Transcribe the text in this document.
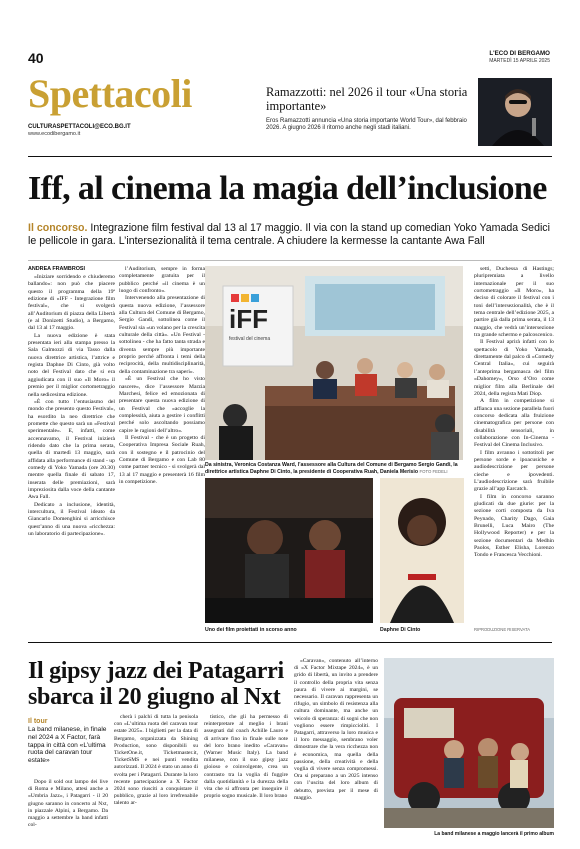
40	L'ECO DI BERGAMO
MARTEDÌ 15 APRILE 2025
Spettacoli
CULTURASPETTACOLI@ECO.BG.IT
www.ecodibergamo.it
Ramazzotti: nel 2026 il tour «Una storia importante»
Eros Ramazzotti annuncia «Una storia importante World Tour», dal febbraio 2026. A giugno 2026 il ritorno anche negli stadi italiani.
Iff, al cinema la magia dell’inclusione
Il concorso. Integrazione film festival dal 13 al 17 maggio. Il via con la stand up comedian Yoko Yamada Sedici le pellicole in gara. L’intersezionalità il tema centrale. A chiudere la kermesse la cantante Awa Fall
ANDREA FRAMBROSI

«Iniziare sorridendo e chiuderemo ballando»: non può che piacere questo il programma della 19ª edizione di «IFF - Integrazione film festival», che si svolgerà all’Auditorium di piazza della Libertà (e al Donizetti Studio), a Bergamo, dal 13 al 17 maggio.

La nuova edizione è stata presentata ieri alla stampa presso la Sala Galmozzi di via Tasso dalla nuova direttrice artistica, l’attrice e regista Daphne Di Cinto, già volto noto del Festival dato che si era aggiudicata con il suo «Il Moro» il premio per il miglior cortometraggio nella sedicesima edizione.

«È con tutto l’entusiasmo del mondo che presento questo Festival», ha esordito la neo direttrice che promette che questo sarà un «Festival sperimentale». E, infatti, come accennavamo, il Festival inizierà ridendo dato che la prima serata, quella di martedì 13 maggio, sarà affidata alla performance di stand - up comedy di Yoko Yamada (ore 20.30) mentre quella finale di sabato 17, inserata delle premiazioni, sarà impreziosita dalla voce della cantante Awa Fall.

Dedicato a inclusione, identità, intercultura, il Festival ideato da Giancarlo Domenghini si arricchisce quest’anno di una nuova «ricchezza: un laboratorio di partecipazione».

l’Auditorium, sempre in forma completamente gratuita per il pubblico perché «il cinema è un luogo di confronto».

Intervenendo alla presentazione di questa nuova edizione, l’assessore alla Cultura del Comune di Bergamo, Sergio Gandi, sottolinea come il Festival sia «un volano per la crescita culturale della città». «Un Festival - sottolinea - che ha fatto tanta strada e diventa sempre più importante proprio perché affronta i temi della reciprocità, della multidisciplinarità, della contaminazione tra saperi».

«È un Festival che ho visto nascere», dice l’assessore Marzia Marchesi, felice ed emozionata di presentare questa nuova edizione di un Festival che «accoglie la complessità, aiuta a gestire i conflitti perché solo ascoltando possiamo capire le ragioni dell’altro».

Il Festival - che è un progetto di Cooperativa Impresa Sociale Ruah, con il sostegno e il patrocinio del Comune di Bergamo e con Lab 80 come partner tecnico - si svolgerà dal 13 al 17 maggio e presenterà 16 film in competizione.

iFF
festival del cinema
Da sinistra, Veronica Costanza Ward, l’assessore alla Cultura del Comune di Bergamo Sergio Gandi, la direttrice artistica Daphne Di Cinto, la presidente di Cooperativa Ruah, Daniela Merisio FOTO FEDELI
Uno dei film proiettati in scorso anno	Daphne Di Cinto

setti, Duchessa di Hastings; pluripremiata a livello internazionale per il suo cortometraggio «Il Moro», ha deciso di colorare il festival con i toni dell’intersezionalità, che è il tema centrale dell’edizione 2025, a partire già dalla prima serata, il 13 maggio, che vedrà un’intersezione tra grande schermo e palcoscenico.

Il Festival aprirà infatti con lo spettacolo di Yoko Yamada, direttamente dal palco di «Comedy Central Italia», cui seguirà l’anteprima bergamasca del film «Dahomey», Orso d’Oro come miglior film alla Berlinale del 2024, della regista Mati Diop.

A film in competizione si affianca una sezione parallela fuori concorso dedicata alla fruizione cinematografica per persone con disabilità sensoriali, in collaborazione con In-Cinema - Festival del Cinema Inclusivo.

I film avranno i sottotitoli per persone sorde e ipoacusiche e audiodescrizione per persone cieche e ipovedenti. L’audiodescrizione sarà fruibile grazie all’app Earcatch.

I film in concorso saranno giudicati da due giurie: per la sezione corti composta da Iva Peynado, Charity Dago, Gaia Brunelli, Luca Mairo (The Hollywood Reporter) e per la sezione documentari da Medhin Paolos, Esther Elisha, Lorenzo Tondo e Francesca Vecchioni.

RIPRODUZIONE RISERVATA
Il gipsy jazz dei Patagarri sbarca il 20 giugno al Nxt
Il tour
La band milanese, in finale nel 2024 a X Factor, farà tappa in città con «L’ultima ruota del caravan tour estate»

Dopo il sold out lampo dei live di Roma e Milano, attesi anche a «Umbria Jazz», i Patagarri - il 20 giugno saranno in concerto al Nxt, in piazzale Alpini, a Bergamo. Da maggio a settembre la band infatti col-

cherà i palchi di tutta la penisola con «L’ultima ruota del caravan tour estate 2025». I biglietti per la data di Bergamo, organizzata da Shining Production, sono disponibili su TicketOne.it, Ticketmaster.it, TicketSMS e nei punti vendita autorizzati. Il 2024 è stato un anno di svolta per i Patagarri. Durante la loro recente partecipazione a X Factor 2024 sono riusciti a conquistare il pubblico, grazie al loro irrefrenabile talento ar-

tistico, che gli ha permesso di reinterpretare al meglio i brani assegnati dal coach Achille Lauro e di arrivare fino in finale sulle note del loro brano inedito «Caravan» (Warner Music Italy). La band milanese, con il suo gipsy jazz gioioso e coinvolgente, crea un contrasto tra la voglia di fuggire dalla quotidianità e la durezza della vita che si affronta per inseguire il proprio sogno musicale. Il loro brano

«Caravan», contenuto all’interno di «X Factor Mixtape 2024», è un grido di libertà, un invito a prendere il controllo della propria vita senza paura di vivere ai margini, se necessario. Il caravan rappresenta un rifugio, un simbolo di resistenza alla cultura dominante, ma anche un veicolo di speranza: di sogni che non vogliono essere rimpiccioliti. I Patagarri, attraverso la loro musica e il loro messaggio, sembrano voler dimostrare che la vera ricchezza non è economica, ma quella della passione, della creatività e della voglia di vivere senza compromessi. Ora si preparano a un 2025 intenso con l’uscita del loro album di debutto, prevista per il mese di maggio.

La band milanese a maggio lancerà il primo album
